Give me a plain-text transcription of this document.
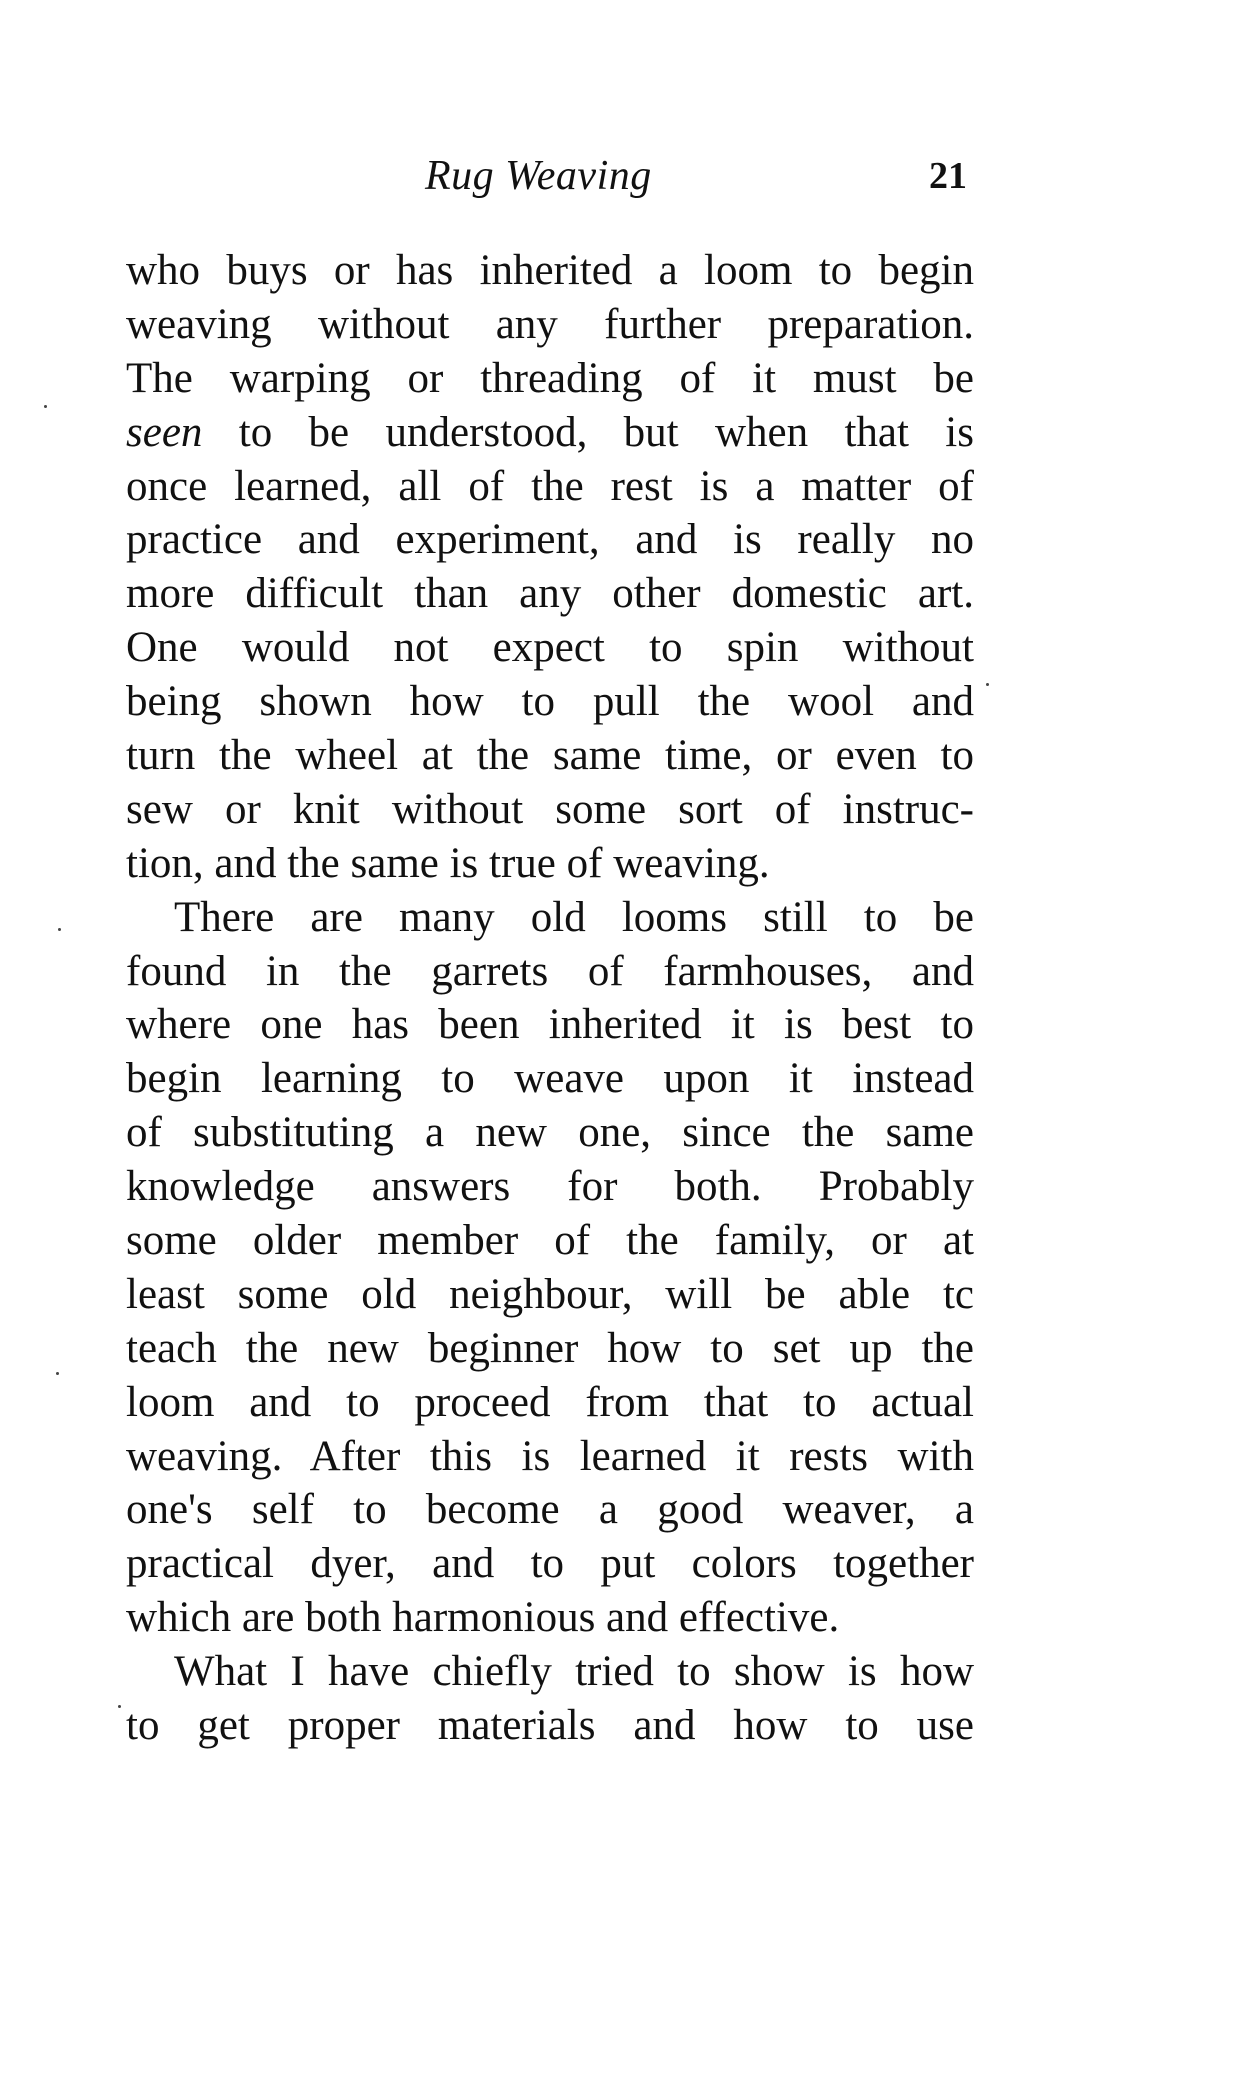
Rug Weaving	21
who buys or has inherited a loom to begin
weaving without any further preparation.
The warping or threading of it must be
seen to be understood, but when that is
once learned, all of the rest is a matter of
practice and experiment, and is really no
more difficult than any other domestic art.
One would not expect to spin without
being shown how to pull the wool and
turn the wheel at the same time, or even to
sew or knit without some sort of instruc-
tion, and the same is true of weaving.
There are many old looms still to be
found in the garrets of farmhouses, and
where one has been inherited it is best to
begin learning to weave upon it instead
of substituting a new one, since the same
knowledge answers for both. Probably
some older member of the family, or at
least some old neighbour, will be able tc
teach the new beginner how to set up the
loom and to proceed from that to actual
weaving. After this is learned it rests with
one's self to become a good weaver, a
practical dyer, and to put colors together
which are both harmonious and effective.
What I have chiefly tried to show is how
to get proper materials and how to use
